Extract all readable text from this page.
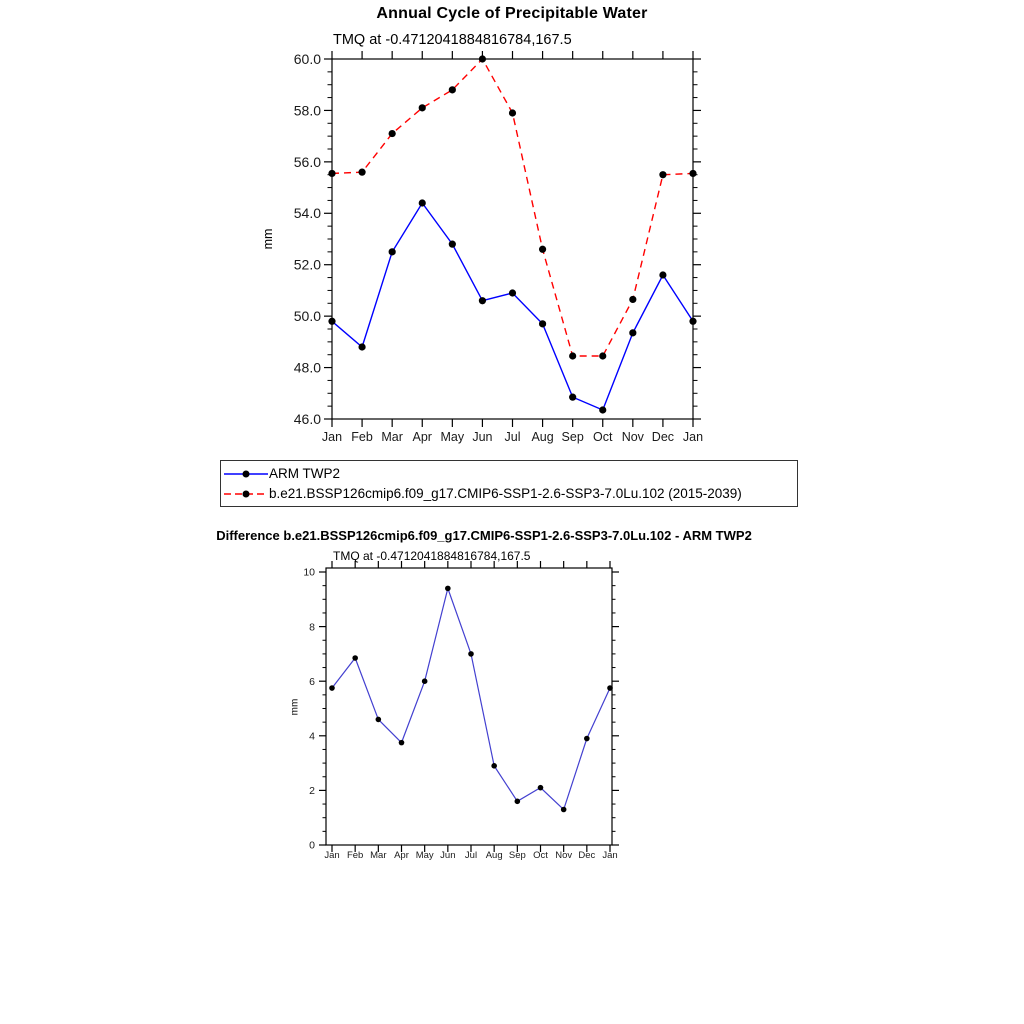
Annual Cycle of Precipitable Water
TMQ at -0.4712041884816784,167.5
mm
Jan Feb Mar Apr May Jun Jul Aug Sep Oct Nov Dec Jan
46.0
48.0
50.0
52.0
54.0
56.0
58.0
60.0
Jan Feb Mar Apr May Jun Jul Aug Sep Oct Nov Dec Jan
0
2
4
6
8
10
ARM TWP2
b.e21.BSSP126cmip6.f09_g17.CMIP6-SSP1-2.6-SSP3-7.0Lu.102 (2015-2039)
Difference b.e21.BSSP126cmip6.f09_g17.CMIP6-SSP1-2.6-SSP3-7.0Lu.102 - ARM TWP2
TMQ at -0.4712041884816784,167.5
mm
